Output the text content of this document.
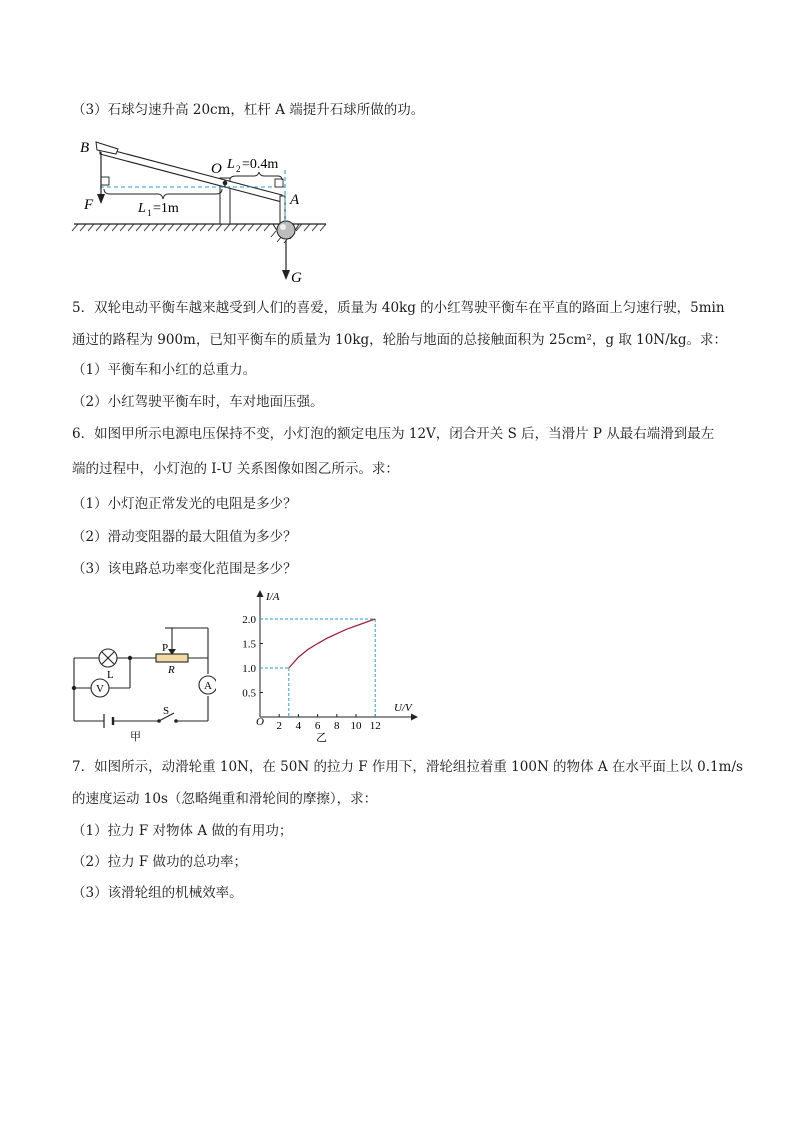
（3）石球匀速升高 20cm，杠杆 A 端提升石球所做的功。
B
O L 2 =0.4m
F	L 1 =1m
A
G
5．双轮电动平衡车越来越受到人们的喜爱，质量为 40kg 的小红驾驶平衡车在平直的路面上匀速行驶，5min
通过的路程为 900m，已知平衡车的质量为 10kg，轮胎与地面的总接触面积为 25cm²，g 取 10N/kg。求：
（1）平衡车和小红的总重力。
（2）小红驾驶平衡车时，车对地面压强。
6．如图甲所示电源电压保持不变，小灯泡的额定电压为 12V，闭合开关 S 后，当滑片 P 从最右端滑到最左
端的过程中，小灯泡的 I-U 关系图像如图乙所示。求：
（1）小灯泡正常发光的电阻是多少？
（2）滑动变阻器的最大阻值为多少？
（3）该电路总功率变化范围是多少？
V	A
P
R
L
S
甲
2 4 6 8 10 12
0.5
1.0
1.5
2.0
O
I/A
U/V
乙
7．如图所示，动滑轮重 10N，在 50N 的拉力 F 作用下，滑轮组拉着重 100N 的物体 A 在水平面上以 0.1m/s
的速度运动 10s（忽略绳重和滑轮间的摩擦），求：
（1）拉力 F 对物体 A 做的有用功；
（2）拉力 F 做功的总功率；
（3）该滑轮组的机械效率。
